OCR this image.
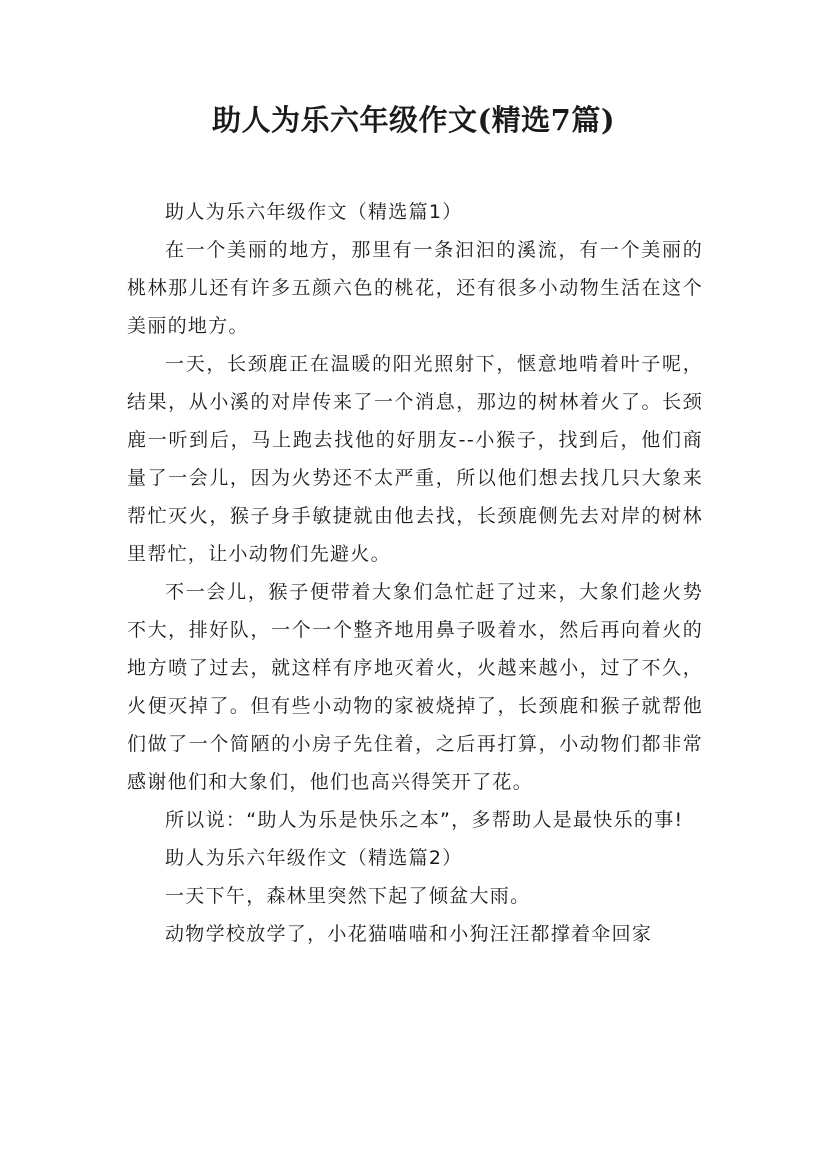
助人为乐六年级作文(精选7篇)

助人为乐六年级作文（精选篇1）

在一个美丽的地方，那里有一条汩汩的溪流，有一个美丽的桃林那儿还有许多五颜六色的桃花，还有很多小动物生活在这个美丽的地方。

一天，长颈鹿正在温暖的阳光照射下，惬意地啃着叶子呢，结果，从小溪的对岸传来了一个消息，那边的树林着火了。长颈鹿一听到后，马上跑去找他的好朋友--小猴子，找到后，他们商量了一会儿，因为火势还不太严重，所以他们想去找几只大象来帮忙灭火，猴子身手敏捷就由他去找，长颈鹿侧先去对岸的树林里帮忙，让小动物们先避火。

不一会儿，猴子便带着大象们急忙赶了过来，大象们趁火势不大，排好队，一个一个整齐地用鼻子吸着水，然后再向着火的地方喷了过去，就这样有序地灭着火，火越来越小，过了不久，火便灭掉了。但有些小动物的家被烧掉了，长颈鹿和猴子就帮他们做了一个简陋的小房子先住着，之后再打算，小动物们都非常感谢他们和大象们，他们也高兴得笑开了花。

所以说：“助人为乐是快乐之本”，多帮助人是最快乐的事!

助人为乐六年级作文（精选篇2）

一天下午，森林里突然下起了倾盆大雨。

动物学校放学了，小花猫喵喵和小狗汪汪都撑着伞回家
